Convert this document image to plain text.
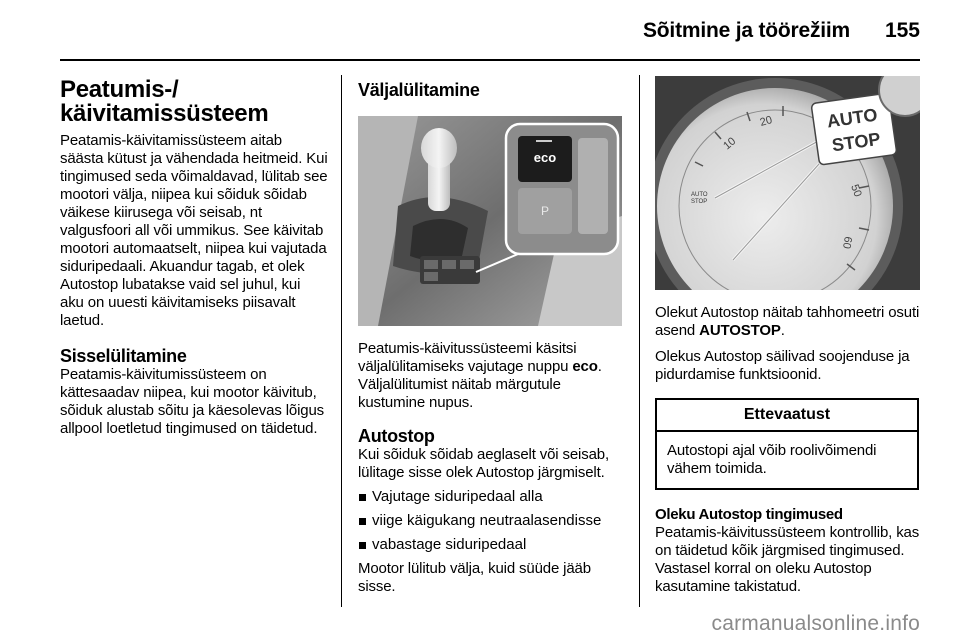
Sõitmine ja töörežiim 155
Peatumis-/
käivitamissüsteem

Peatamis-käivitamissüsteem aitab säästa kütust ja vähendada heitmeid. Kui tingimused seda võimaldavad, lülitab see mootori välja, niipea kui sõiduk sõidab väikese kiirusega või seisab, nt valgusfoori all või ummikus. See käivitab mootori automaatselt, niipea kui vajutada siduripedaali. Akuandur tagab, et olek Autostop lubatakse vaid sel juhul, kui aku on uuesti käivitamiseks piisavalt laetud.

Sisselülitamine

Peatamis-käivitumissüsteem on kättesaadav niipea, kui mootor käivitub, sõiduk alustab sõitu ja käesolevas lõigus allpool loetletud tingimused on täidetud.

Väljalülitamine
eco
P

Peatumis-käivitussüsteemi käsitsi väljalülitamiseks vajutage nuppu eco. Väljalülitumist näitab märgutule kustumine nupus.

Autostop

Kui sõiduk sõidab aeglaselt või seisab, lülitage sisse olek Autostop järgmiselt.

Vajutage siduripedaal alla
viige käigukang neutraalasendisse
vabastage siduripedaal

Mootor lülitub välja, kuid süüde jääb sisse.

10
20
50
60
AUTO
STOP
AUTO
STOP

Olekut Autostop näitab tahhomeetri osuti asend AUTOSTOP.

Olekus Autostop säilivad soojenduse ja pidurdamise funktsioonid.

Ettevaatust

Autostopi ajal võib roolivõimendi vähem toimida.

Oleku Autostop tingimused

Peatamis-käivitussüsteem kontrollib, kas on täidetud kõik järgmised tingimused. Vastasel korral on oleku Autostop kasutamine takistatud.

carmanualsonline.info
